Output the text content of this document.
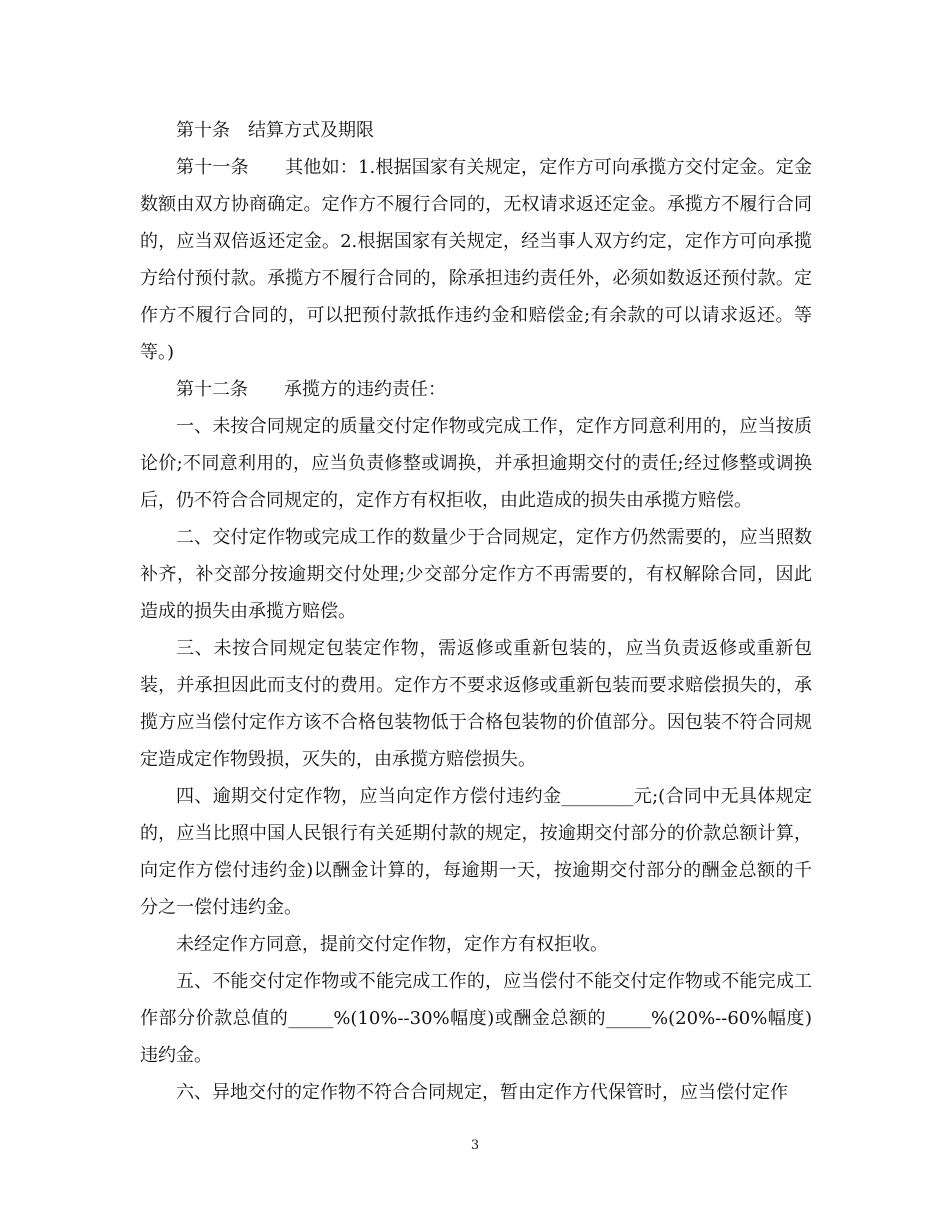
第十条　结算方式及期限

第十一条　　其他如：1.根据国家有关规定，定作方可向承揽方交付定金。定金数额由双方协商确定。定作方不履行合同的，无权请求返还定金。承揽方不履行合同的，应当双倍返还定金。2.根据国家有关规定，经当事人双方约定，定作方可向承揽方给付预付款。承揽方不履行合同的，除承担违约责任外，必须如数返还预付款。定作方不履行合同的，可以把预付款抵作违约金和赔偿金;有余款的可以请求返还。等等。)

第十二条　　承揽方的违约责任：

一、未按合同规定的质量交付定作物或完成工作，定作方同意利用的，应当按质论价;不同意利用的，应当负责修整或调换，并承担逾期交付的责任;经过修整或调换后，仍不符合合同规定的，定作方有权拒收，由此造成的损失由承揽方赔偿。

二、交付定作物或完成工作的数量少于合同规定，定作方仍然需要的，应当照数补齐，补交部分按逾期交付处理;少交部分定作方不再需要的，有权解除合同，因此造成的损失由承揽方赔偿。

三、未按合同规定包装定作物，需返修或重新包装的，应当负责返修或重新包装，并承担因此而支付的费用。定作方不要求返修或重新包装而要求赔偿损失的，承揽方应当偿付定作方该不合格包装物低于合格包装物的价值部分。因包装不符合同规定造成定作物毁损，灭失的，由承揽方赔偿损失。

四、逾期交付定作物，应当向定作方偿付违约金________元;(合同中无具体规定的，应当比照中国人民银行有关延期付款的规定，按逾期交付部分的价款总额计算，向定作方偿付违约金)以酬金计算的，每逾期一天，按逾期交付部分的酬金总额的千分之一偿付违约金。

未经定作方同意，提前交付定作物，定作方有权拒收。

五、不能交付定作物或不能完成工作的，应当偿付不能交付定作物或不能完成工作部分价款总值的_____%(10%--30%幅度)或酬金总额的_____%(20%--60%幅度)违约金。

六、异地交付的定作物不符合合同规定，暂由定作方代保管时，应当偿付定作

3
